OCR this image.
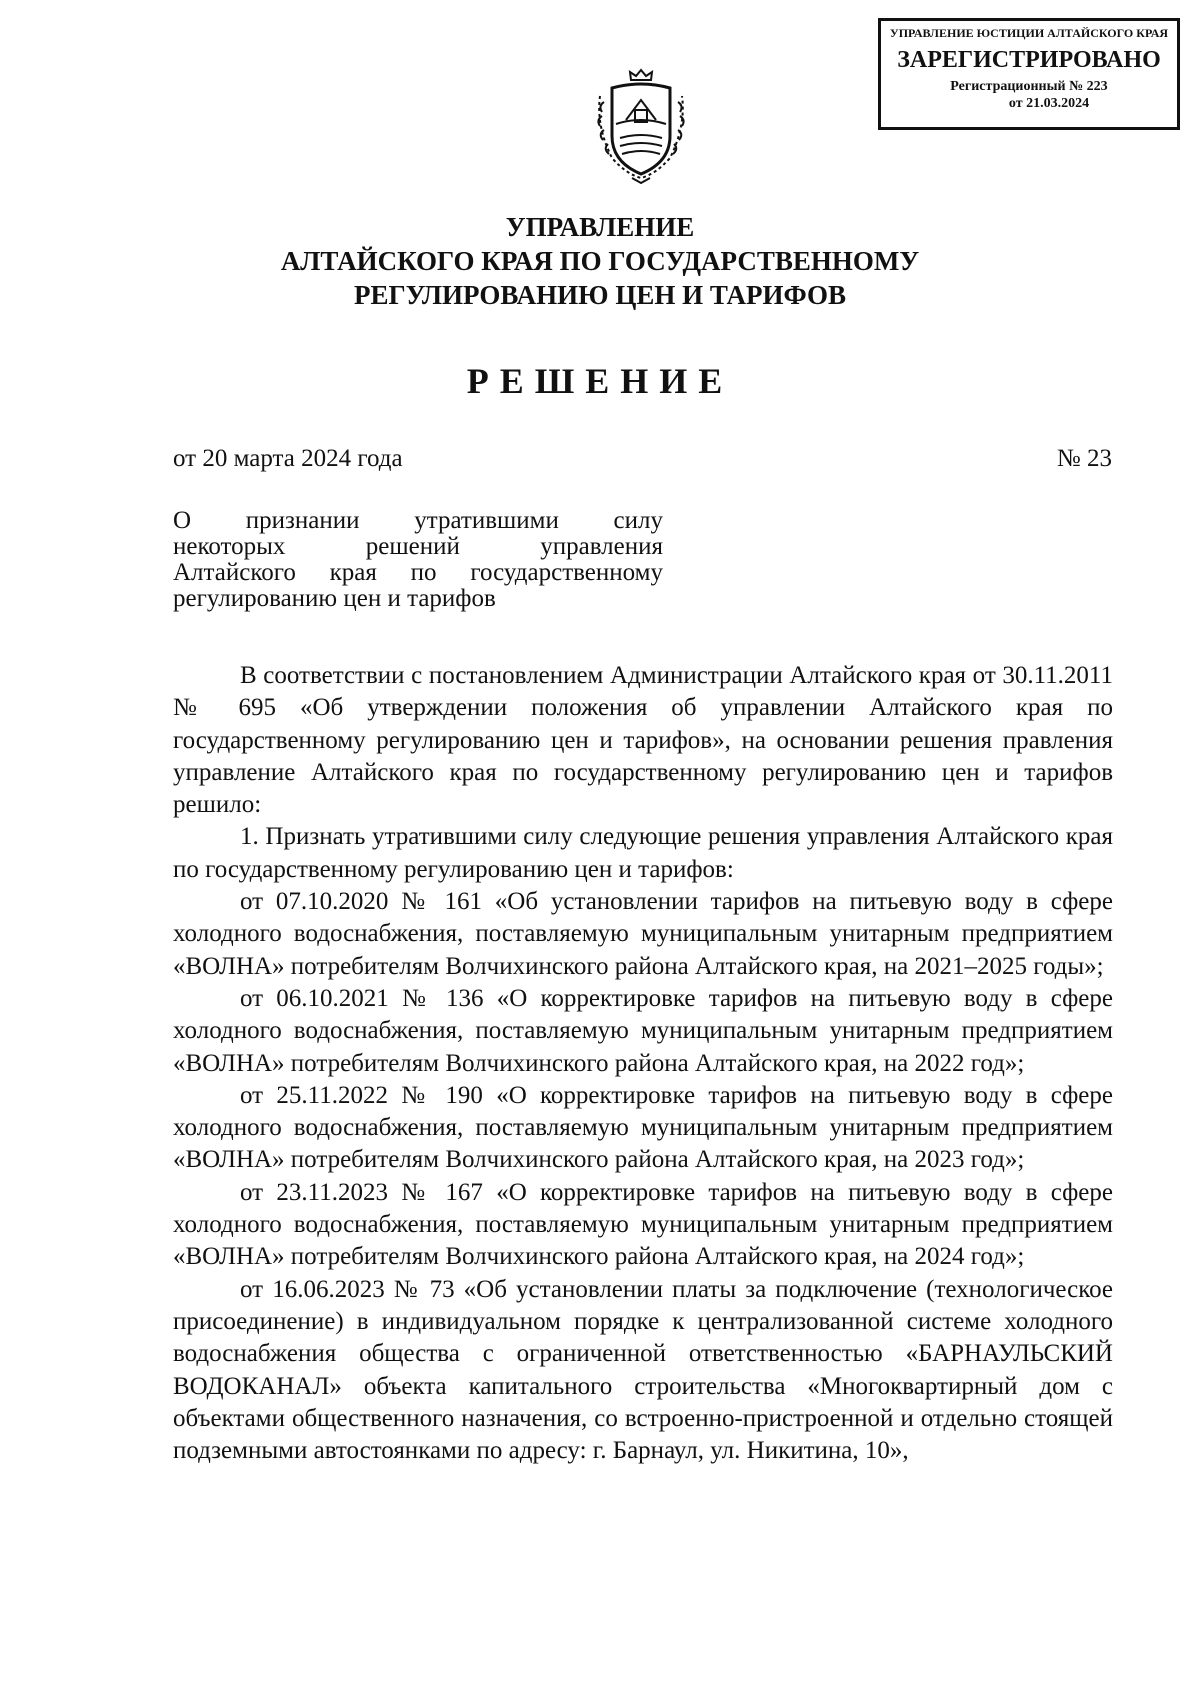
УПРАВЛЕНИЕ ЮСТИЦИИ АЛТАЙСКОГО КРАЯ
ЗАРЕГИСТРИРОВАНО
Регистрационный № 223
от 21.03.2024
УПРАВЛЕНИЕ
АЛТАЙСКОГО КРАЯ ПО ГОСУДАРСТВЕННОМУ
РЕГУЛИРОВАНИЮ ЦЕН И ТАРИФОВ
РЕШЕНИЕ
от 20 марта 2024 года	№ 23
О признании утратившими силу
некоторых решений управления
Алтайского края по государственному
регулированию цен и тарифов

В соответствии с постановлением Администрации Алтайского края от 30.11.2011 № 695 «Об утверждении положения об управлении Алтайского края по государственному регулированию цен и тарифов», на основании решения правления управление Алтайского края по государственному регулированию цен и тарифов решило:

1. Признать утратившими силу следующие решения управления Алтайского края по государственному регулированию цен и тарифов:

от 07.10.2020 № 161 «Об установлении тарифов на питьевую воду в сфере холодного водоснабжения, поставляемую муниципальным унитарным предприятием «ВОЛНА» потребителям Волчихинского района Алтайского края, на 2021–2025 годы»;

от 06.10.2021 № 136 «О корректировке тарифов на питьевую воду в сфере холодного водоснабжения, поставляемую муниципальным унитарным предприятием «ВОЛНА» потребителям Волчихинского района Алтайского края, на 2022 год»;

от 25.11.2022 № 190 «О корректировке тарифов на питьевую воду в сфере холодного водоснабжения, поставляемую муниципальным унитарным предприятием «ВОЛНА» потребителям Волчихинского района Алтайского края, на 2023 год»;

от 23.11.2023 № 167 «О корректировке тарифов на питьевую воду в сфере холодного водоснабжения, поставляемую муниципальным унитарным предприятием «ВОЛНА» потребителям Волчихинского района Алтайского края, на 2024 год»;

от 16.06.2023 № 73 «Об установлении платы за подключение (технологическое присоединение) в индивидуальном порядке к централизованной системе холодного водоснабжения общества с ограниченной ответственностью «БАРНАУЛЬСКИЙ ВОДОКАНАЛ» объекта капитального строительства «Многоквартирный дом с объектами общественного назначения, со встроенно-пристроенной и отдельно стоящей подземными автостоянками по адресу: г. Барнаул, ул. Никитина, 10»,
